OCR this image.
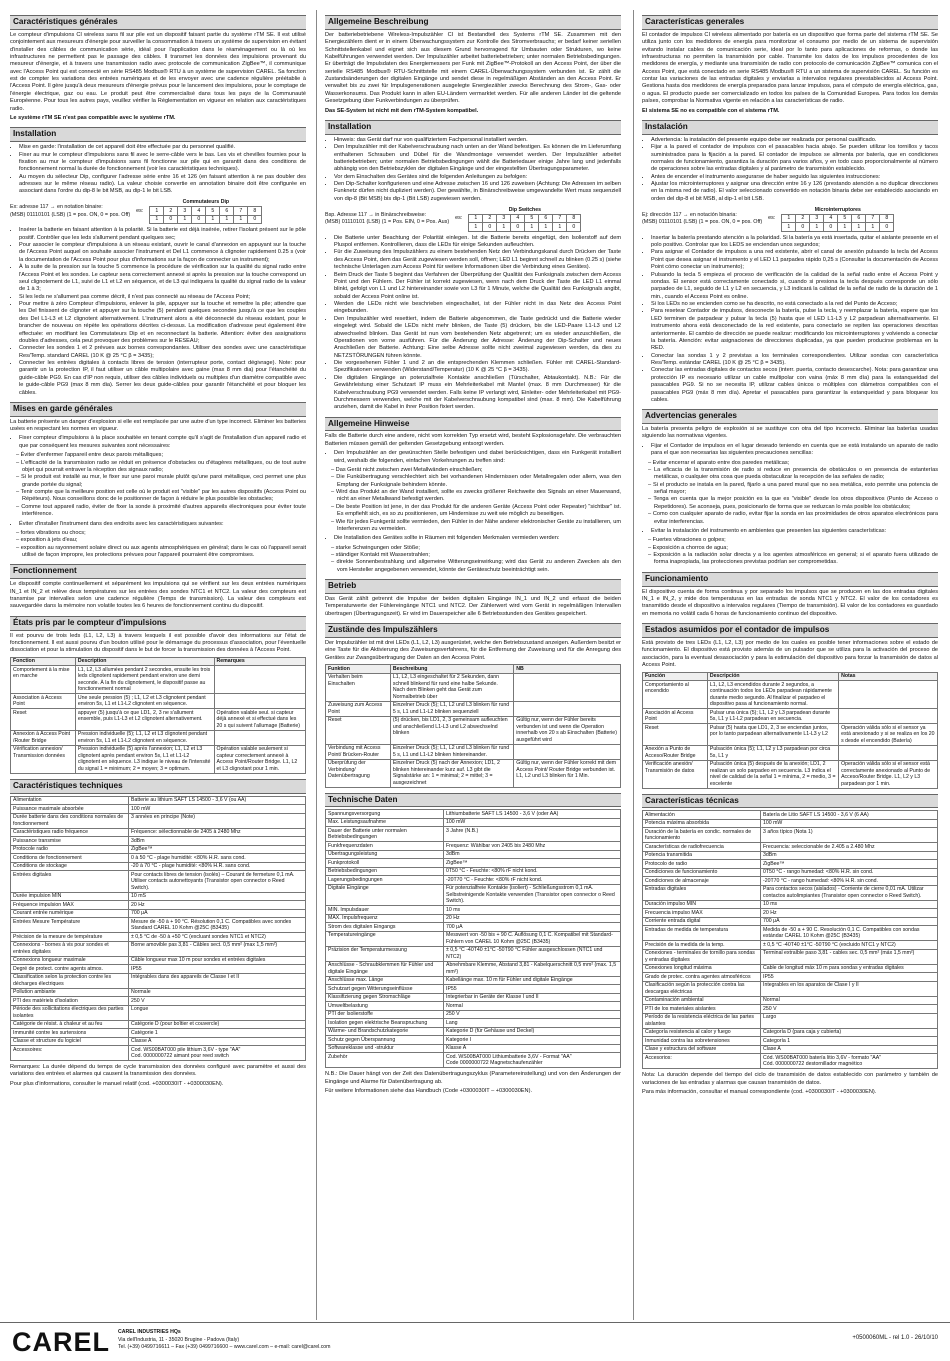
Caractéristiques générales

Le compteur d'impulsions CI wireless sans fil sur pile est un dispositif faisant partie du système rTM SE. Il est utilisé conjointement aux mesureurs d'énergie pour surveiller la consommation à travers un système de supervision en évitant d'installer des câbles de communication série, idéal pour l'application dans le réaménagement ou là où les infrastructures ne permettent pas le passage des câbles. Il transmet les données des impulsions provenant du mesureur d'énergie, et à travers une transmission radio avec protocole de communication ZigBee™, il communique avec l'Access Point qui est connecté en série RS485 Modbus® RTU à un système de supervision CAREL. Sa fonction est de compter les variations des entrées numériques et de les envoyer avec une cadence régulière préétablie à l'Access Point. Il gère jusqu'à deux mesureurs d'énergie prévus pour le lancement des impulsions, pour le comptage de l'énergie électrique, gaz ou eau. Le produit peut être commercialisé dans tous les pays de la Communauté Européenne. Pour tous les autres pays, veuillez vérifier la Réglementation en vigueur en relation aux caractéristiques radio.

Le système rTM SE n'est pas compatible avec le système rTM.

Installation
• Mise en garde: l'installation de cet appareil doit être effectuée par du personnel qualifié.
• Fixer au mur le compteur d'impulsions sans fil avec le serre-câble vers le bas. Les vis et chevilles fournies pour la fixation au mur le compteur d'impulsions sans fil fonctionne sur pile qui en garantit dans des conditions de fonctionnement normal la durée de fonctionnement (voir les caractéristiques techniques).
• Au moyen du sélecteur Dip, configurer l'adresse série entre 16 et 126 (en faisant attention à ne pas doubler des adresses sur le même réseau radio). La valeur choisie convertie en annotation binaire doit être configurée en associant dans l'ordre du dip-8 le bit MSB, au dip-1 le bit LSB.
Ex: adresse 117 → en notation binaire:
(MSB) 01110101 (LSB) (1 = pos. ON, 0 = pos. Off)
es:
Commutateurs Dip							
1	2	3	4	5	6	7	8
1	0	1	0	1	1	1	0
• Insérer la batterie en faisant attention à la polarité. Si la batterie est déjà insérée, retirer l'isolant présent sur le pôle positif. Contrôler que les leds s'allument pendant quelques sec;
• Pour associer le compteur d'impulsions à un réseau existant, ouvrir le canal d'annexion en appuyant sur la touche de l'Access Point auquel on souhaite associer l'instrument et Del L1 commence à clignoter rapidement 0.25 s (voir la documentation de l'Access Point pour plus d'informations sur la façon de connecter un instrument);
• À la suite de la pression sur la touche 5 commence la procédure de vérification sur la qualité du signal radio entre l'Access Point et les sondes. Le capteur sera correctement annexé si après la pression sur la touche correspond un seul clignotement de L1, suivi de L1 et L2 en séquence, et de L3 qui indiquera la qualité du signal radio de la valeur de 1 à 3;
• Si les leds ne s'allument pas comme décrit, il n'est pas connecté au réseau de l'Access Point;
• Pour mettre à zéro Compteur d'impulsions, enlever la pile, appuyer sur la touche et remettre la pile; attendre que les Del finissent de clignoter et appuyer sur la touche (5) pendant quelques secondes jusqu'à ce que les couples des Del L1-L3 et L2 clignotent alternativement. L'instrument alors a été déconnecté du réseau existant, pour le brancher de nouveau on répète les opérations décrites ci-dessus. La modification d'adresse peut également être effectuée: en modifiant les Commutateurs Dip et en reconnectant la batterie. Attention: éviter des assignations doubles d'adresses, cela peut provoquer des problèmes sur le RESEAU;
• Connecter les sondes 1 et 2 prévues aux bornes correspondantes. Utiliser des sondes avec une caractéristique Res/Temp. standard CAREL (10 K @ 25 °C β = 3435);
• Connecter les entrées digitales à contacts libres de tension (interrupteur porte, contact dégivrage). Note: pour garantir un la protection IP, il faut utiliser un câble multipolaire avec gaine (max 8 mm dia) pour l'étanchéité du guide-câble PG9. En cas d'IP non requis, utiliser des câbles individuels ou multiples d'un diamètre compatible avec le guide-câble PG9 (max 8 mm dia). Serrer les deux guide-câbles pour garantir l'étanchéité et pour bloquer les câbles.
Mises en garde générales

La batterie présente un danger d'explosion si elle est remplacée par une autre d'un type incorrect. Eliminer les batteries usées en respectant les normes en vigueur.

• Fixer compteur d'impulsions à la place souhaitée en tenant compte qu'il s'agit de l'installation d'un appareil radio et que par conséquent les mesures suivantes sont nécessaires:
– Éviter d'enfermer l'appareil entre deux parois métalliques;
– L'efficacité de la transmission radio se réduit en présence d'obstacles ou d'étagères métalliques, ou de tout autre objet qui pourrait entraver la réception des signaux radio;
– Si le produit est installé au mur, le fixer sur une paroi murale plutôt qu'une paroi métallique, ceci permet une plus grande portée du signal;
– Tenir compte que la meilleure position est celle où le produit est "visible" par les autres dispositifs (Access Point ou Répéteurs). Nous conseillons donc de le positionner de façon à réduire le plus possible les obstacles;
– Comme tout appareil radio, éviter de fixer la sonde à proximité d'autres appareils électroniques pour éviter toute interférence.
• Éviter d'installer l'instrument dans des endroits avec les caractéristiques suivantes:
– fortes vibrations ou chocs;
– exposition à jets d'eau;
– exposition au rayonnement solaire direct ou aux agents atmosphériques en général; dans le cas où l'appareil serait utilisé de façon impropre, les protections prévues pour l'appareil pourraient être compromises.
Fonctionnement

Le dispositif compte continuellement et séparément les impulsions qui se vérifient sur les deux entrées numériques IN_1 et IN_2 et relève deux températures sur les entrées des sondes NTC1 et NTC2. La valeur des compteurs est transmise par intervalles selon une cadence régulière (Temps de transmission). La valeur des compteurs est sauvegardée dans la mémoire non volatile toutes les 6 heures de fonctionnement continu du dispositif.

États pris par le compteur d'impulsions

Il est pourvu de trois leds (L1, L2, L3) à travers lesquels il est possible d'avoir des informations sur l'état de fonctionnement. Il est aussi pourvu d'un bouton utilisé pour le démarrage du processus d'association, pour l'éventuelle dissociation et pour la stimulation du dispositif dans le but de forcer la transmission des données à l'Access Point.

Fonction	Description	Remarques
Comportement à la mise en marche	L1, L2, L3 allumées pendant 2 secondes, ensuite les trois leds clignotent rapidement pendant environ une demi seconde. À la fin du clignotement, le dispositif passe au fonctionnement normal	
Association à Access Point	Une seule pression (5) ; L1, L2 et L3 clignotent pendant environ 5s, L1 et L1-L2 clignotent en séquence.	
Reset	appuyer (5) jusqu'à ce que LD1, 2, 3 ne s'allument ensemble, puis L1-L3 et L2 clignotent alternativement.	Opération valable seul. si capteur déjà annexé et si effectué dans les 20 s qui suivent l'allumage (Batterie)
Annexion à Access Point /Router Bridge	Pression individuelle (5); L1, L2 et L3 clignotent pendant environ 5s, L1 et L1-L2 clignotent en séquence.	
Vérification annexion/ Transmission données	Pression individuelle (5) après l'annexion; L1, L2 et L3 clignotent après pendant environ 5s, L1 et L1-L2 clignotent en séquence. L3 indique le niveau de l'intensité du signal 1 = minimum; 2 = moyen; 3 = optimum.	Opération valable seulement si capteur correctement annexé à Access Point/Router Bridge. L1, L2 et L3 clignotant pour 1 min.
Caractéristiques techniques
Alimentation	Batterie au lithium SAFT LS 14500 - 3,6 V (ou AA)
Puissance maximale absorbée	100 mW
Durée batterie dans des conditions normales de fonctionnement	3 années en principe (Note)
Caractéristiques radio fréquence	Fréquence: sélectionnable de 2405 à 2480 Mhz
Puissance transmise	3dBm
Protocole radio	ZigBee™
Conditions de fonctionnement	0 à 50 °C - plage humidité: <80% H.R. sans cond.
Conditions de stockage	-20 à 70 °C - plage humidité: <80% H.R. sans cond.
Entrées digitales	Pour contacts libres de tension (isolés) – Courant de fermeture 0,1 mA. Utiliser contacts autonettoyants (Transistor open connector o Reed Switch).
Durée impulsion MIN	10 mS
Fréquence impulsion MAX	20 Hz
Courant entrée numérique	700 μA
Entrées Mesure Température	Mesure de -50 à + 90 °C. Résolution 0,1 C. Compatibles avec sondes Standard CAREL 10 Kohm @25C (B3435)
Précision de la mesure de température	± 0,5 °C de -50 à +50 °C (excluant sondes NTC1 et NTC2)
Connexions - bornes à vis pour sondes et entrées digitales	Borne amovible pas 3,81 - Câbles sect. 0,5 mm² (max 1,5 mm²)
Connexions longueur maximale	Câble longueur max 10 m pour sondes et entrées digitales
Degré de protect. contre agents atmos.	IP55
Classification selon la protection contre les décharges électriques	Intégrables dans des appareils de Classe I et II
Pollution ambiante	Normale
PTI des matériels d'isolation	250 V
Période des sollicitations électriques des parties isolantes	Longue
Catégorie de résist. à chaleur et au feu	Catégorie D (pour boîtier et couvercle)
Immunité contre les surtensions	Catégorie 1
Classe et structure du logiciel	Classe A
Accessoires:	Cod. WS00BAT000 pile lithium 3,6V - type "AA"
Cod. 0000000722 aimant pour reed switch

Remarques: La durée dépend du temps de cycle transmission des données configuré avec paramètre et aussi des variations des entrées et alarmes qui causent la transmission des données.

Pour plus d'informations, consulter le manuel relatif (cod. +0300030IT - +0300030EN).

Allgemeine Beschreibung

Der batteriebetriebene Wireless-Impulszähler CI ist Bestandteil des Systems rTM SE. Zusammen mit den Energiezählern dient er in einem Überwachungssystem zur Kontrolle des Stromverbrauchs; er bedarf keiner seriellen Schnittstellenkabel und eignet sich aus diesem Grund hervorragend für Umbauten oder Strukturen, wo keine Kabelführungen verwendet werden. Der Impulszähler arbeitet batteriebetrieben; unter normalen Betriebsbedingungen. Er überträgt die Impulsdaten des Energiemessers per Funk mit ZigBee™-Protokoll an den Access Point, der über die serielle RS485 Modbus® RTU-Schnittstelle mit einem CAREL-Überwachungssystem verbunden ist. Er zählt die Zustandsänderungen der digitalen Eingänge und sendet diese in regelmäßigen Abständen an den Access Point. Er verwaltet bis zu zwei für Impulsgenerationen ausgelegte Energiezähler zwecks Berechnung des Strom-, Gas- oder Wasserkonsums. Das Produkt kann in allen EU-Ländern vermarktet werden. Für alle anderen Länder ist die geltende Gesetzgebung über Funkverbindungen zu überprüfen.

Das SE-System ist nicht mit dem rTM-System kompatibel.

Installation
• Hinweis: das Gerät darf nur von qualifiziertem Fachpersonal installiert werden.
• Den Impulszähler mit der Kabelverschraubung nach unten an der Wand befestigen. Es können die im Lieferumfang enthaltenen Schrauben und Dübel für die Wandmontage verwendet werden. Der Impulszähler arbeitet batteriebetrieben; unter normalen Betriebsbedingungen wählt die Batteriedauer einige Jahre lang und jedenfalls abhängig von den Betriebszyklen der digitalen Eingänge und der eingestellten Übertragungsparameter.
• Vor dem Einschalten des Gerätes sind die folgenden Anleitungen zu befolgen:
• Den Dip-Schalter konfigurieren und eine Adresse zwischen 16 und 126 zuweisen (Achtung: Die Adressen im selben Funknetz dürfen nicht dupliziert werden). Der gewählte, in Binärschreibweise umgewandelte Wert muss sequenziell von dip-8 (Bit MSB) bis dip-1 (Bit LSB) zugewiesen werden.
Bsp. Adresse 117 → in Binärschreibweise:
(MSB) 01110101 (LSB) (1 = Pos. EIN, 0 = Pos. Aus)
es:
Dip Switches							
1	2	3	4	5	6	7	8
1	0	1	0	1	1	1	0
• Die Batterie unter Beachtung der Polarität einlegen. Ist die Batterie bereits eingefügt, den Isolierstoff auf dem Pluspol entfernen. Kontrollieren, dass die LEDs für einige Sekunden aufleuchten.
• Für die Zuweisung des Impulszählers zu einem bestehenden Netz den Verbindungskanal durch Drücken der Taste des Access Point, dem das Gerät zugewiesen werden soll, öffnen; LED L1 beginnt schnell zu blinken (0.25 s) (siehe technische Unterlagen zum Access Point für weitere Informationen über die Verbindung eines Gerätes).
• Beim Druck der Taste 5 beginnt das Verfahren der Überprüfung der Qualität des Funksignals zwischen dem Access Point und den Fühlern. Der Fühler ist korrekt zugewiesen, wenn nach dem Druck der Taste die LED L1 einmal blinkt, gefolgt von L1 und L2 hintereinander sowie von L3 für 1 Minute, welche die Qualität des Funksignals angibt, sobald der Access Point online ist.
• Werden die LEDs nicht wie beschrieben eingeschaltet, ist der Fühler nicht in das Netz des Access Point eingebunden.
• Den Impulszähler wird resettiert, indem die Batterie abgenommen, die Taste gedrückt und die Batterie wieder eingelegt wird. Sobald die LEDs nicht mehr blinken, die Taste (5) drücken, bis die LED-Paare L1-L3 und L2 abwechselnd blinken. Das Gerät ist nun vom bestehenden Netz abgetrennt; um es wieder anzuschließen, die Operationen von vorne ausführen. Für die Änderung der Adresse: Änderung der Dip-Schalter und neues Anschließen der Batterie. Achtung: Eine selbe Adresse sollte nicht zweimal zugewiesen werden, da dies zu NETZSTÖRUNGEN führen könnte.
• Die vorgesehenen Fühler 1 und 2 an die entsprechenden Klemmen schließen. Fühler mit CAREL-Standard-Spezifikationen verwenden (Widerstand/Temperatur) (10 K @ 25 °C β = 3435).
• Die digitalen Eingänge an potenzialfreie Kontakte anschließen (Türschalter, Abtaukontakt). N.B.: Für die Gewährleistung einer Schutzart IP muss ein Mehrleiterkabel mit Mantel (max. 8 mm Durchmesser) für die Kabelverschraubung PG9 verwendet werden. Falls keine IP verlangt wird, Einleiter- oder Mehrleiterkabel mit PG9-Durchmessern verwenden, welche mit der Kabelverschraubung kompatibel sind (max. 8 mm). Die Kabelführung anziehen, damit die Kabel in ihrer Position fixiert werden.
Allgemeine Hinweise

Falls die Batterie durch eine andere, nicht vom korrekten Typ ersetzt wird, besteht Explosionsgefahr. Die verbrauchten Batterien müssen gemäß der geltenden Gesetzgebung entsorgt werden.

• Den Impulszähler an der gewünschten Stelle befestigen und dabei berücksichtigen, dass ein Funkgerät installiert wird, weshalb die folgenden, einfachen Vorkehrungen zu treffen sind:
– Das Gerät nicht zwischen zwei Metallwänden einschließen;
– Die Funkübertragung verschlechtert sich bei vorhandenen Hindernissen oder Metallregalen oder allem, was den Empfang der Funksignale behindern könnte.
– Wird das Produkt an der Wand installiert, sollte es zwecks größerer Reichweite des Signals an einer Mauerwand, nicht an einer Metallwand befestigt werden.
– Die beste Position ist jene, in der das Produkt für die anderen Geräte (Access Point oder Repeater) "sichtbar" ist. Es empfiehlt sich, es so zu positionieren, um Hindernisse zu weit wie möglich zu beseitigen.
– Wie für jedes Funkgerät sollte vermieden, den Fühler in der Nähe anderer elektronischer Geräte zu installieren, um Interferenzen zu vermeiden.
• Die Installation des Gerätes sollte in Räumen mit folgenden Merkmalen vermieden werden:
– starke Schwingungen oder Stöße;
– ständiger Kontakt mit Wasserstrahlen;
– direkte Sonnenbestrahlung und allgemeine Witterungseinwirkung; wird das Gerät zu anderen Zwecken als den vom Hersteller angegebenen verwendet, könnte der Geräteschutz beeinträchtigt sein.
Betrieb

Das Gerät zählt getrennt die Impulse der beiden digitalen Eingänge IN_1 und IN_2 und erfasst die beiden Temperaturwerte der Fühlereingänge NTC1 und NTC2. Der Zählerwert wird vom Gerät in regelmäßigen Intervallen übertragen (Übertragungszeit). Er wird im Dauerspeicher alle 6 Betriebsstunden des Gerätes gespeichert.

Zustände des Impulszählers

Der Impulszähler ist mit drei LEDs (L1, L2, L3) ausgerüstet, welche den Betriebszustand anzeigen. Außerdem besitzt er eine Taste für die Aktivierung des Zuweisungsverfahrens, für die Entfernung der Zuweisung und für die Anregung des Gerätes zur Zwangsübertragung der Daten an den Access Point.

Funktion	Beschreibung	NB
Verhalten beim Einschalten	L1, L2, L3 eingeschaltet für 2 Sekunden, dann schnell blinkend für rund eine halbe Sekunde. Nach dem Blinken geht das Gerät zum Normalbetrieb über	
Zuweisung zum Access Point	Einzelner Druck (5); L1, L2 und L3 blinken für rund 5 s, L1 und L1-L2 blinken sequenziell	
Reset	(5) drücken, bis LD1, 2, 3 gemeinsam aufleuchten und anschließend L1-L3 und L2 abwechselnd blinken	Gültig nur, wenn der Fühler bereits verbunden ist und wenn die Operation innerhalb von 20 s ab Einschalten (Batterie) ausgeführt wird
Verbindung mit Access Point/ Brücken-Router	Einzelner Druck (5); L1, L2 und L3 blinken für rund 5 s, L1 und L1-L2 blinken hintereinander.	
Überprüfung der Verbindung/ Datenübertragung	Einzelner Druck (5) nach der Annexion; LD1, 2 blinken hintereinander kurz auf. L3 gibt die Signalstärke an: 1 = minimal; 2 = mittel; 3 = ausgezeichnet	Gültig nur, wenn der Fühler korrekt mit dem Access Point/ Router Bridge verbunden ist. L1, L2 und L3 blinken für 1 Min.
Technische Daten
Spannungsversorgung	Lithiumbatterie SAFT LS 14500 - 3,6 V (oder AA)
Max. Leistungsaufnahme	100 mW
Dauer der Batterie unter normalen Betriebsbedingungen	3 Jahre (N.B.)
Funkfrequenzdaten	Frequenz: Wählbar von 2405 bis 2480 Mhz
Übertragungsleistung	3dBm
Funkprotokoll	ZigBee™
Betriebsbedingungen	0T50 °C - Feuchte: <80% rF nicht kond.
Lagerungsbedingungen	-20T70 °C - Feuchte: <80% rF nicht kond.
Digitale Eingänge	Für potenzialfreie Kontakte (isoliert) - Schließungsstrom 0,1 mA. Selbstreinigende Kontakte verwenden (Transistor open connector o Reed Switch).
MIN. Impulsdauer	10 ms
MAX. Impulsfrequenz	20 Hz
Strom des digitalen Eingangs	700 μA
Temperatureingänge	Messwert von -50 bis + 90 C. Auflösung 0,1 C. Kompatibel mit Standard-Fühlern von CAREL 10 Kohm @25C (B3435)
Präzision der Temperaturmessung	± 0,5 °C -40T40 ±1°C -50T90 °C Fühler ausgeschlossen (NTC1 und NTC2)
Anschlüsse - Schraubklemmen für Fühler und digitale Eingänge	Abnehmbare Klemme, Abstand 3,81 - Kabelquerschnitt 0,5 mm² (max. 1,5 mm²)
Anschlüsse max. Länge	Kabellänge max. 10 m für Fühler und digitale Eingänge
Schutzart gegen Witterungseinflüsse	IP55
Klassifizierung gegen Stromschläge	Integrierbar in Geräte der Klasse I und II
Umweltbelastung	Normal
PTI der Isolierstoffe	250 V
Isolation gegen elektrische Beanspruchung	Lang
Wärme- und Brandschutzkategorie	Kategorie D (für Gehäuse und Deckel)
Schutz gegen Überspannung	Kategorie I
Softwareklasse und -struktur	Klasse A
Zubehör	Cod. WS00BAT000 Lithiumbatterie 3,6V - Format "AA"
Code 0000000722 Magnetschaufenzähler

N.B.: Die Dauer hängt von der Zeit des Datenübertragungszyklus (Parametereinstellung) und von den Änderungen der Eingänge und Alarme für Datenübertragung ab.

Für weitere Informationen siehe das Handbuch (Code +0300030IT – +0300030EN).

Características generales

El contador de impulsos CI wireless alimentado por batería es un dispositivo que forma parte del sistema rTM SE. Se utiliza junto con los medidores de energía para monitorizar el consumo por medio de un sistema de supervisión evitando instalar cables de comunicación serie, ideal por lo tanto para aplicaciones de reformas, o donde las infraestructuras no permiten la transmisión por cable. Transmite los datos de los impulsos procedentes de los medidores de energía, y mediante una transmisión de radio con protocolo de comunicación ZigBee™ comunica con el Access Point, que está conectado en serie RS485 Modbus® RTU a un sistema de supervisión CAREL. Su función es contar las variaciones de las entradas digitales y enviarlas a intervalos regulares preestablecidos al Access Point. Gestiona hasta dos medidores de energía preparados para lanzar impulsos, para el cómputo de energía eléctrica, gas, o agua. El producto puede ser comercializado en todos los países de la Comunidad Europea. Para todos los demás países, comprobar la Normativa vigente en relación a las características de radio.

El sistema SE no es compatible con el sistema rTM.

Instalación
• Advertencia: la instalación del presente equipo debe ser realizada por personal cualificado.
• Fijar a la pared el contador de impulsos con el pasacables hacia abajo. Se pueden utilizar los tornillos y tacos suministrados para la fijación a la pared. El contador de impulsos se alimenta por batería, que en condiciones normales de funcionamiento, garantiza la duración para varios años, y en todo caso proporcionalmente al número de operaciones sobre las entradas digitales y al parámetro de transmisión establecido.
• Antes de encender el instrumento asegurarse de haber seguido las siguientes instrucciones:
• Ajustar los microinterruptores y asignar una dirección entre 16 y 126 (prestando atención a no duplicar direcciones en la misma red de radio). El valor seleccionado convertido en notación binaria debe ser establecido asociando en orden del dip-8 el bit MSB, al dip-1 el bit LSB.
Ej: dirección 117 → en notación binaria:
(MSB) 01110101 (LSB) (1 = pos. ON, 0 = pos. Off)
es:
Microinterruptores							
1	2	3	4	5	6	7	8
1	0	1	0	1	1	1	0
• Insertar la batería prestando atención a la polaridad. Si la batería ya está insertada, quitar el aislante presente en el polo positivo. Controlar que los LEDS se enciendan unos segundos;
• Para asignar el Contador de impulsos a una red existente, abrir el canal de anexión pulsando la tecla del Access Point que desea asignar el instrumento y el LED L1 parpadea rápido 0,25 s (Consultar la documentación de Access Point cómo conectar un instrumento);
• Pulsando la tecla 5 empieza el proceso de verificación de la calidad de la señal radio entre el Access Point y sondas. El sensor está correctamente conectado si, cuando si presiona la tecla después corresponde un sólo parpadeo de L1, seguido de L1 y L2 en secuencia, y L3 indicará la calidad de la señal de radio de la duración de 1 min., cuando el Access Point es online.
• Si los LEDs no se encienden como se ha descrito, no está conectado a la red del Punto de Acceso;
• Para resetear Contador de impulsos, desconecte la batería, pulse la tecla, y reemplazar la batería, espere que los LED terminen de parpadear y pulsar la tecla (5) hasta que el LED L1-L3 y L2 parpadean alternativamente. El instrumento ahora está desconectado de la red existente, para conectarlo se repiten las operaciones descritas anteriormente. El cambio de dirección se puede realizar: modificando los microinterruptores y volviendo a conectar la batería. Atención: evitar asignaciones de direcciones duplicadas, ya que pueden producirse problemas en la RED.
• Conectar las sondas 1 y 2 previstas a los terminales correspondientes. Utilizar sondas con característica Res/Temp. estándar CAREL (10 K @ 25 °C β = 3435).
• Conectar las entradas digitales de contactos secos (interr. puerta, contacto desescarche). Nota: para garantizar una protección IP es necesario utilizar un cable multipolar con vaina (máx 8 mm día) para la estanqueidad del pasacables PG9. Si no se necesita IP, utilizar cables únicos o múltiples con diámetros compatibles con el pasacables PG9 (máx 8 mm día). Apretar el pasacables para garantizar la estanqueidad y para bloquear los cables.
Advertencias generales

La batería presenta peligro de explosión si se sustituye con otra del tipo incorrecto. Eliminar las baterías usadas siguiendo las normativas vigentes.

• Fijar el Contador de impulsos en el lugar deseado teniendo en cuenta que se está instalando un aparato de radio para el que son necesarias las siguientes precauciones sencillas:
– Evitar encerrar el aparato entre dos paredes metálicas;
– La eficacia de la transmisión de radio si reduce en presencia de obstáculos o en presencia de estanterías metálicas, o cualquier otra cosa que pueda obstaculizar la recepción de las señales de radio;
– Si el producto se instala en la pared, fijarlo a una pared mural que no sea metálica, esto permite una potencia de señal mayor;
– Tenga en cuenta que la mejor posición es la que es "visible" desde los otros dispositivos (Punto de Acceso o Repetidores). Se aconseja, pues, posicionarlo de forma que se reduzcan lo más posible los obstáculos;
– Como con cualquier aparato de radio, evitar fijar la sonda en las proximidades de otros aparatos electrónicos para evitar interferencias.
• Evitar la instalación del instrumento en ambientes que presenten las siguientes características:
– Fuertes vibraciones o golpes;
– Exposición a chorros de agua;
– Exposición a la radiación solar directa y a los agentes atmosféricos en general; si el aparato fuera utilizado de forma inapropiada, las protecciones previstas podrían ser comprometidas.
Funcionamiento

El dispositivo cuenta de forma continua y por separado los impulsos que se producen en las dos entradas digitales IN_1 e IN_2, y mide dos temperaturas en las entradas de sonda NTC1 y NTC2. El valor de los contadores es transmitido desde el dispositivo a intervalos regulares (Tiempo de transmisión). El valor de los contadores es guardado en memoria no volátil cada 6 horas de funcionamiento continuo del dispositivo.

Estados asumidos por el contador de impulsos

Está provisto de tres LEDs (L1, L2, L3) por medio de los cuales es posible tener informaciones sobre el estado de funcionamiento. El dispositivo está provisto además de un pulsador que se utiliza para la activación del proceso de asociación, para la eventual desasociación y para la estimulación del dispositivo para forzar la transmisión de datos al Access Point.

Función	Descripción	Notas
Comportamiento al encendido	L1, L2, L3 encendidos durante 2 segundos, a continuación todos los LEDs parpadean rápidamente durante medio segundo. Al finalizar el parpadeo el dispositivo pasa al funcionamiento normal.	
Asociación al Access Point	Pulsar una única (5); L1, L2 y L3 parpadean durante 5s, L1 y L1-L2 parpadean en secuencia.	
Reset	Pulsar (5) hasta que LD1, 2, 3 se enciendan juntos, por lo tanto parpadean alternativamente L1-L3 y L2	Operación válida sólo si el sensor ya está anexionado y si se realiza en los 20 s desde el encendido (Batería)
Anexión a Punto de Acceso/Router Bridge	Pulsación única (5); L1, L2 y L3 parpadean por circa 5s, L1 y	
Verificación anexión/ Transmisión de datos	Pulsación única (5) después de la anexión; LD1, 2 realizan un solo parpadeo en secuencia. L3 indica el nivel de calidad de la señal 1 = mínima, 2 = medio, 3 = excelente	Operación válida sólo si el sensor está correctamente anexionado al Punto de Acceso/Router Bridge. L1, L2 y L3 parpadean por 1 min.
Características técnicas
Alimentación	Batería de Litio SAFT LS 14500 - 3,6 V (6 AA)
Potencia máxima absorbida	100 mW
Duración de la batería en condic. normales de funcionamiento	3 años típico (Nota 1)
Características de radiofrecuencia	Frecuencia: seleccionable de 2.405 a 2.480 Mhz
Potencia transmitida	3dBm
Protocolo de radio	ZigBee™
Condiciones de funcionamiento	0T50 °C - rango humedad: <80% H.R. sin cond.
Condiciones de almacenaje	-20T70 °C - rango humedad: <80% H.R. sin cond.
Entradas digitales	Para contactos secos (aislados) - Corriente de cierre 0,01 mA. Utilizar contactos autolimpiantes (Transistor open connector o Reed Switch).
Duración impulso MIN	10 ms
Frecuencia impulso MAX	20 Hz
Corriente entrada digital	700 μA
Entradas de medida de temperatura	Medida de -50 a + 90 C. Resolución 0,1 C. Compatibles con sondas estándar CAREL 10 Kohm @25C (B3435)
Precisión de la medida de la temp.	± 0,5 °C -40T40 ±1°C -50T90 °C (excluido NTC1 y NTC2)
Conexiones - terminales de tornillo para sondas y entradas digitales	Terminal extraíble paso 3,81 - cables sec. 0,5 mm² (máx 1,5 mm²)
Conexiones longitud máxima	Cable de longitud máx 10 m para sondas y entradas digitales
Grado de protec. contra agentes atmosféricos	IP55
Clasificación según la protección contra las descargas eléctricas	Integrables en los aparatos de Clase I y II
Contaminación ambiental	Normal
PTI de los materiales aislantes	250 V
Período de la resistencia eléctrica de las partes aislantes	Largo
Categoría resistencia al calor y fuego	Categoría D (para caja y cubierta)
Inmunidad contra las sobretensiones	Categoría 1
Clase y estructura del software	Clase A
Accesorios:	Cód. WS00BAT000 batería litio 3,6V - formato "AA"
Cód. 0000000722 destornillador magnético

Nota: La duración depende del tiempo del ciclo de transmisión de datos establecido con parámetro y también de variaciones de las entradas y alarmas que causan transmisión de datos.

Para más información, consultar el manual correspondiente (cod. +0300030IT - +0300030EN).

CAREL CAREL INDUSTRIES HQs
Via dell'Industria, 11 - 35020 Brugine - Padova (Italy)
Tel. (+39) 0499716611 – Fax (+39) 0499716600 – www.carel.com – e-mail: carel@carel.com
+0500060ML - rel 1.0 - 26/10/10
